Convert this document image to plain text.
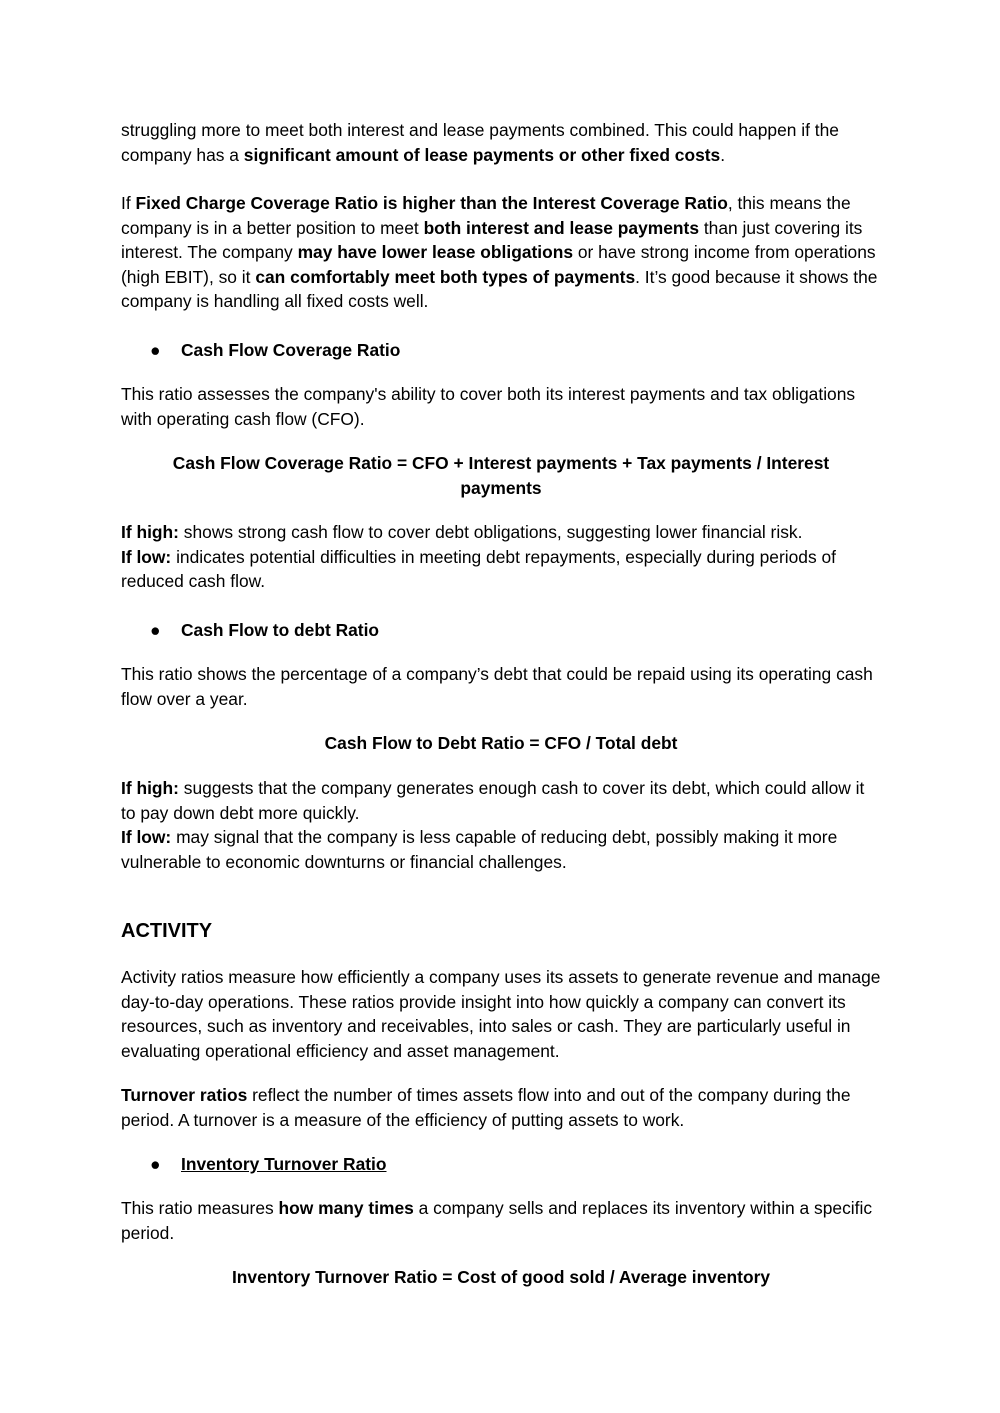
struggling more to meet both interest and lease payments combined. This could happen if the company has a significant amount of lease payments or other fixed costs.

If Fixed Charge Coverage Ratio is higher than the Interest Coverage Ratio, this means the company is in a better position to meet both interest and lease payments than just covering its interest. The company may have lower lease obligations or have strong income from operations (high EBIT), so it can comfortably meet both types of payments. It’s good because it shows the company is handling all fixed costs well.

● Cash Flow Coverage Ratio

This ratio assesses the company's ability to cover both its interest payments and tax obligations with operating cash flow (CFO).

Cash Flow Coverage Ratio = CFO + Interest payments + Tax payments / Interest
payments

If high: shows strong cash flow to cover debt obligations, suggesting lower financial risk.

If low: indicates potential difficulties in meeting debt repayments, especially during periods of reduced cash flow.

● Cash Flow to debt Ratio

This ratio shows the percentage of a company’s debt that could be repaid using its operating cash flow over a year.

Cash Flow to Debt Ratio = CFO / Total debt

If high: suggests that the company generates enough cash to cover its debt, which could allow it to pay down debt more quickly.

If low: may signal that the company is less capable of reducing debt, possibly making it more vulnerable to economic downturns or financial challenges.

ACTIVITY

Activity ratios measure how efficiently a company uses its assets to generate revenue and manage day-to-day operations. These ratios provide insight into how quickly a company can convert its resources, such as inventory and receivables, into sales or cash. They are particularly useful in evaluating operational efficiency and asset management.

Turnover ratios reflect the number of times assets flow into and out of the company during the period. A turnover is a measure of the efficiency of putting assets to work.

● Inventory Turnover Ratio

This ratio measures how many times a company sells and replaces its inventory within a specific period.

Inventory Turnover Ratio = Cost of good sold / Average inventory
